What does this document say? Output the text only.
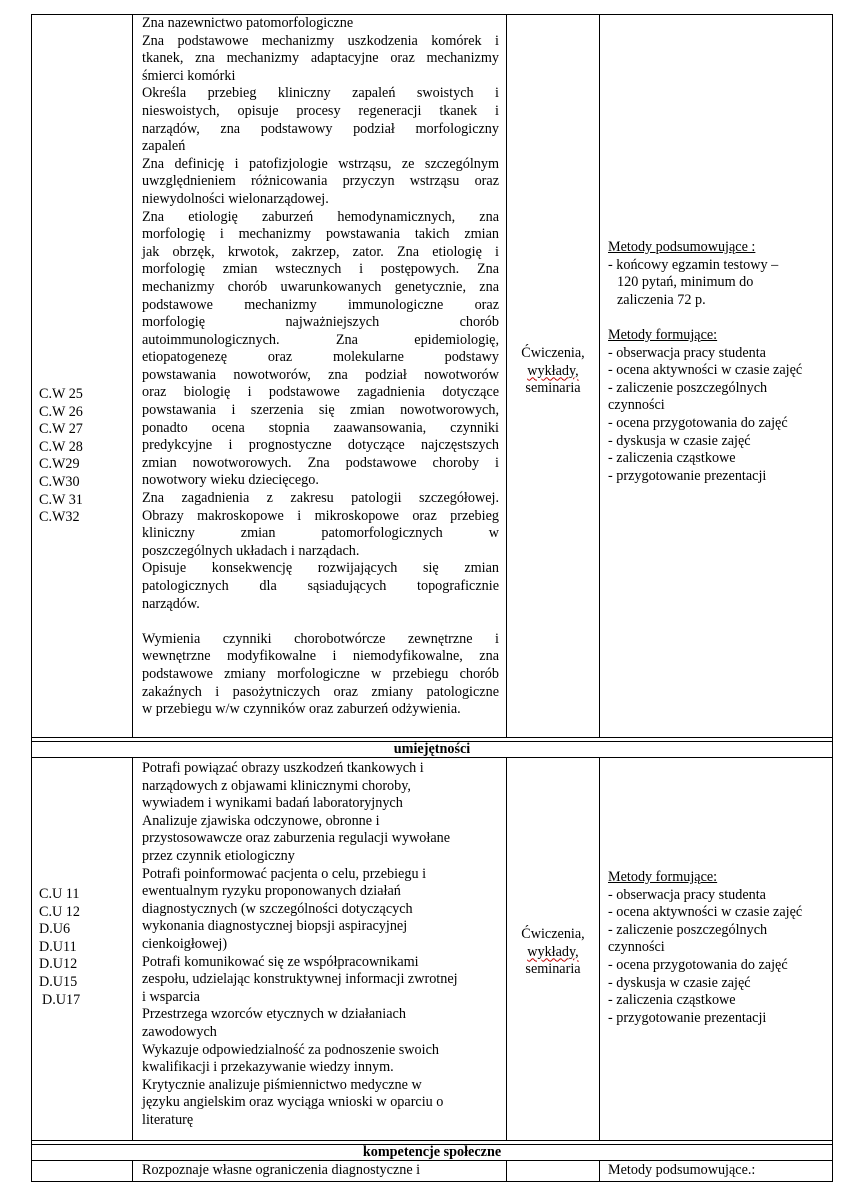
C.W 25
C.W 26
C.W 27
C.W 28
C.W29
C.W30
C.W 31
C.W32
Zna nazewnictwo patomorfologiczne
Zna podstawowe mechanizmy uszkodzenia komórek i
tkanek, zna mechanizmy adaptacyjne oraz mechanizmy
śmierci komórki
Określa przebieg kliniczny zapaleń swoistych i
nieswoistych, opisuje procesy regeneracji tkanek i
narządów, zna podstawowy podział morfologiczny
zapaleń
Zna definicję i patofizjologie wstrząsu, ze szczególnym
uwzględnieniem różnicowania przyczyn wstrząsu oraz
niewydolności wielonarządowej.
Zna etiologię zaburzeń hemodynamicznych, zna
morfologię i mechanizmy powstawania takich zmian
jak obrzęk, krwotok, zakrzep, zator. Zna etiologię i
morfologię zmian wstecznych i postępowych. Zna
mechanizmy chorób uwarunkowanych genetycznie, zna
podstawowe mechanizmy immunologiczne oraz
morfologię najważniejszych chorób
autoimmunologicznych. Zna epidemiologię,
etiopatogenezę oraz molekularne podstawy
powstawania nowotworów, zna podział nowotworów
oraz biologię i podstawowe zagadnienia dotyczące
powstawania i szerzenia się zmian nowotworowych,
ponadto ocena stopnia zaawansowania, czynniki
predykcyjne i prognostyczne dotyczące najczęstszych
zmian nowotworowych. Zna podstawowe choroby i
nowotwory wieku dziecięcego.
Zna zagadnienia z zakresu patologii szczegółowej.
Obrazy makroskopowe i mikroskopowe oraz przebieg
kliniczny zmian patomorfologicznych w
poszczególnych układach i narządach.
Opisuje konsekwencję rozwijających się zmian
patologicznych dla sąsiadujących topograficznie
narządów.
Wymienia czynniki chorobotwórcze zewnętrzne i
wewnętrzne modyfikowalne i niemodyfikowalne, zna
podstawowe zmiany morfologiczne w przebiegu chorób
zakaźnych i pasożytniczych oraz zmiany patologiczne
w przebiegu w/w czynników oraz zaburzeń odżywienia.
Ćwiczenia,
wykłady,
seminaria
Metody podsumowujące :
- końcowy egzamin testowy –
120 pytań, minimum do
zaliczenia 72 p.
Metody formujące:
- obserwacja pracy studenta
- ocena aktywności w czasie zajęć
- zaliczenie poszczególnych
czynności
- ocena przygotowania do zajęć
- dyskusja w czasie zajęć
- zaliczenia cząstkowe
- przygotowanie prezentacji
umiejętności
C.U 11
C.U 12
D.U6
D.U11
D.U12
D.U15
D.U17
Potrafi powiązać obrazy uszkodzeń tkankowych i
narządowych z objawami klinicznymi choroby,
wywiadem i wynikami badań laboratoryjnych
Analizuje zjawiska odczynowe, obronne i
przystosowawcze oraz zaburzenia regulacji wywołane
przez czynnik etiologiczny
Potrafi poinformować pacjenta o celu, przebiegu i
ewentualnym ryzyku proponowanych działań
diagnostycznych (w szczególności dotyczących
wykonania diagnostycznej biopsji aspiracyjnej
cienkoigłowej)
Potrafi komunikować się ze współpracownikami
zespołu, udzielając konstruktywnej informacji zwrotnej
i wsparcia
Przestrzega wzorców etycznych w działaniach
zawodowych
Wykazuje odpowiedzialność za podnoszenie swoich
kwalifikacji i przekazywanie wiedzy innym.
Krytycznie analizuje piśmiennictwo medyczne w
języku angielskim oraz wyciąga wnioski w oparciu o
literaturę
Ćwiczenia,
wykłady,
seminaria
Metody formujące:
- obserwacja pracy studenta
- ocena aktywności w czasie zajęć
- zaliczenie poszczególnych
czynności
- ocena przygotowania do zajęć
- dyskusja w czasie zajęć
- zaliczenia cząstkowe
- przygotowanie prezentacji
kompetencje społeczne
Rozpoznaje własne ograniczenia diagnostyczne i	Metody podsumowujące.:
